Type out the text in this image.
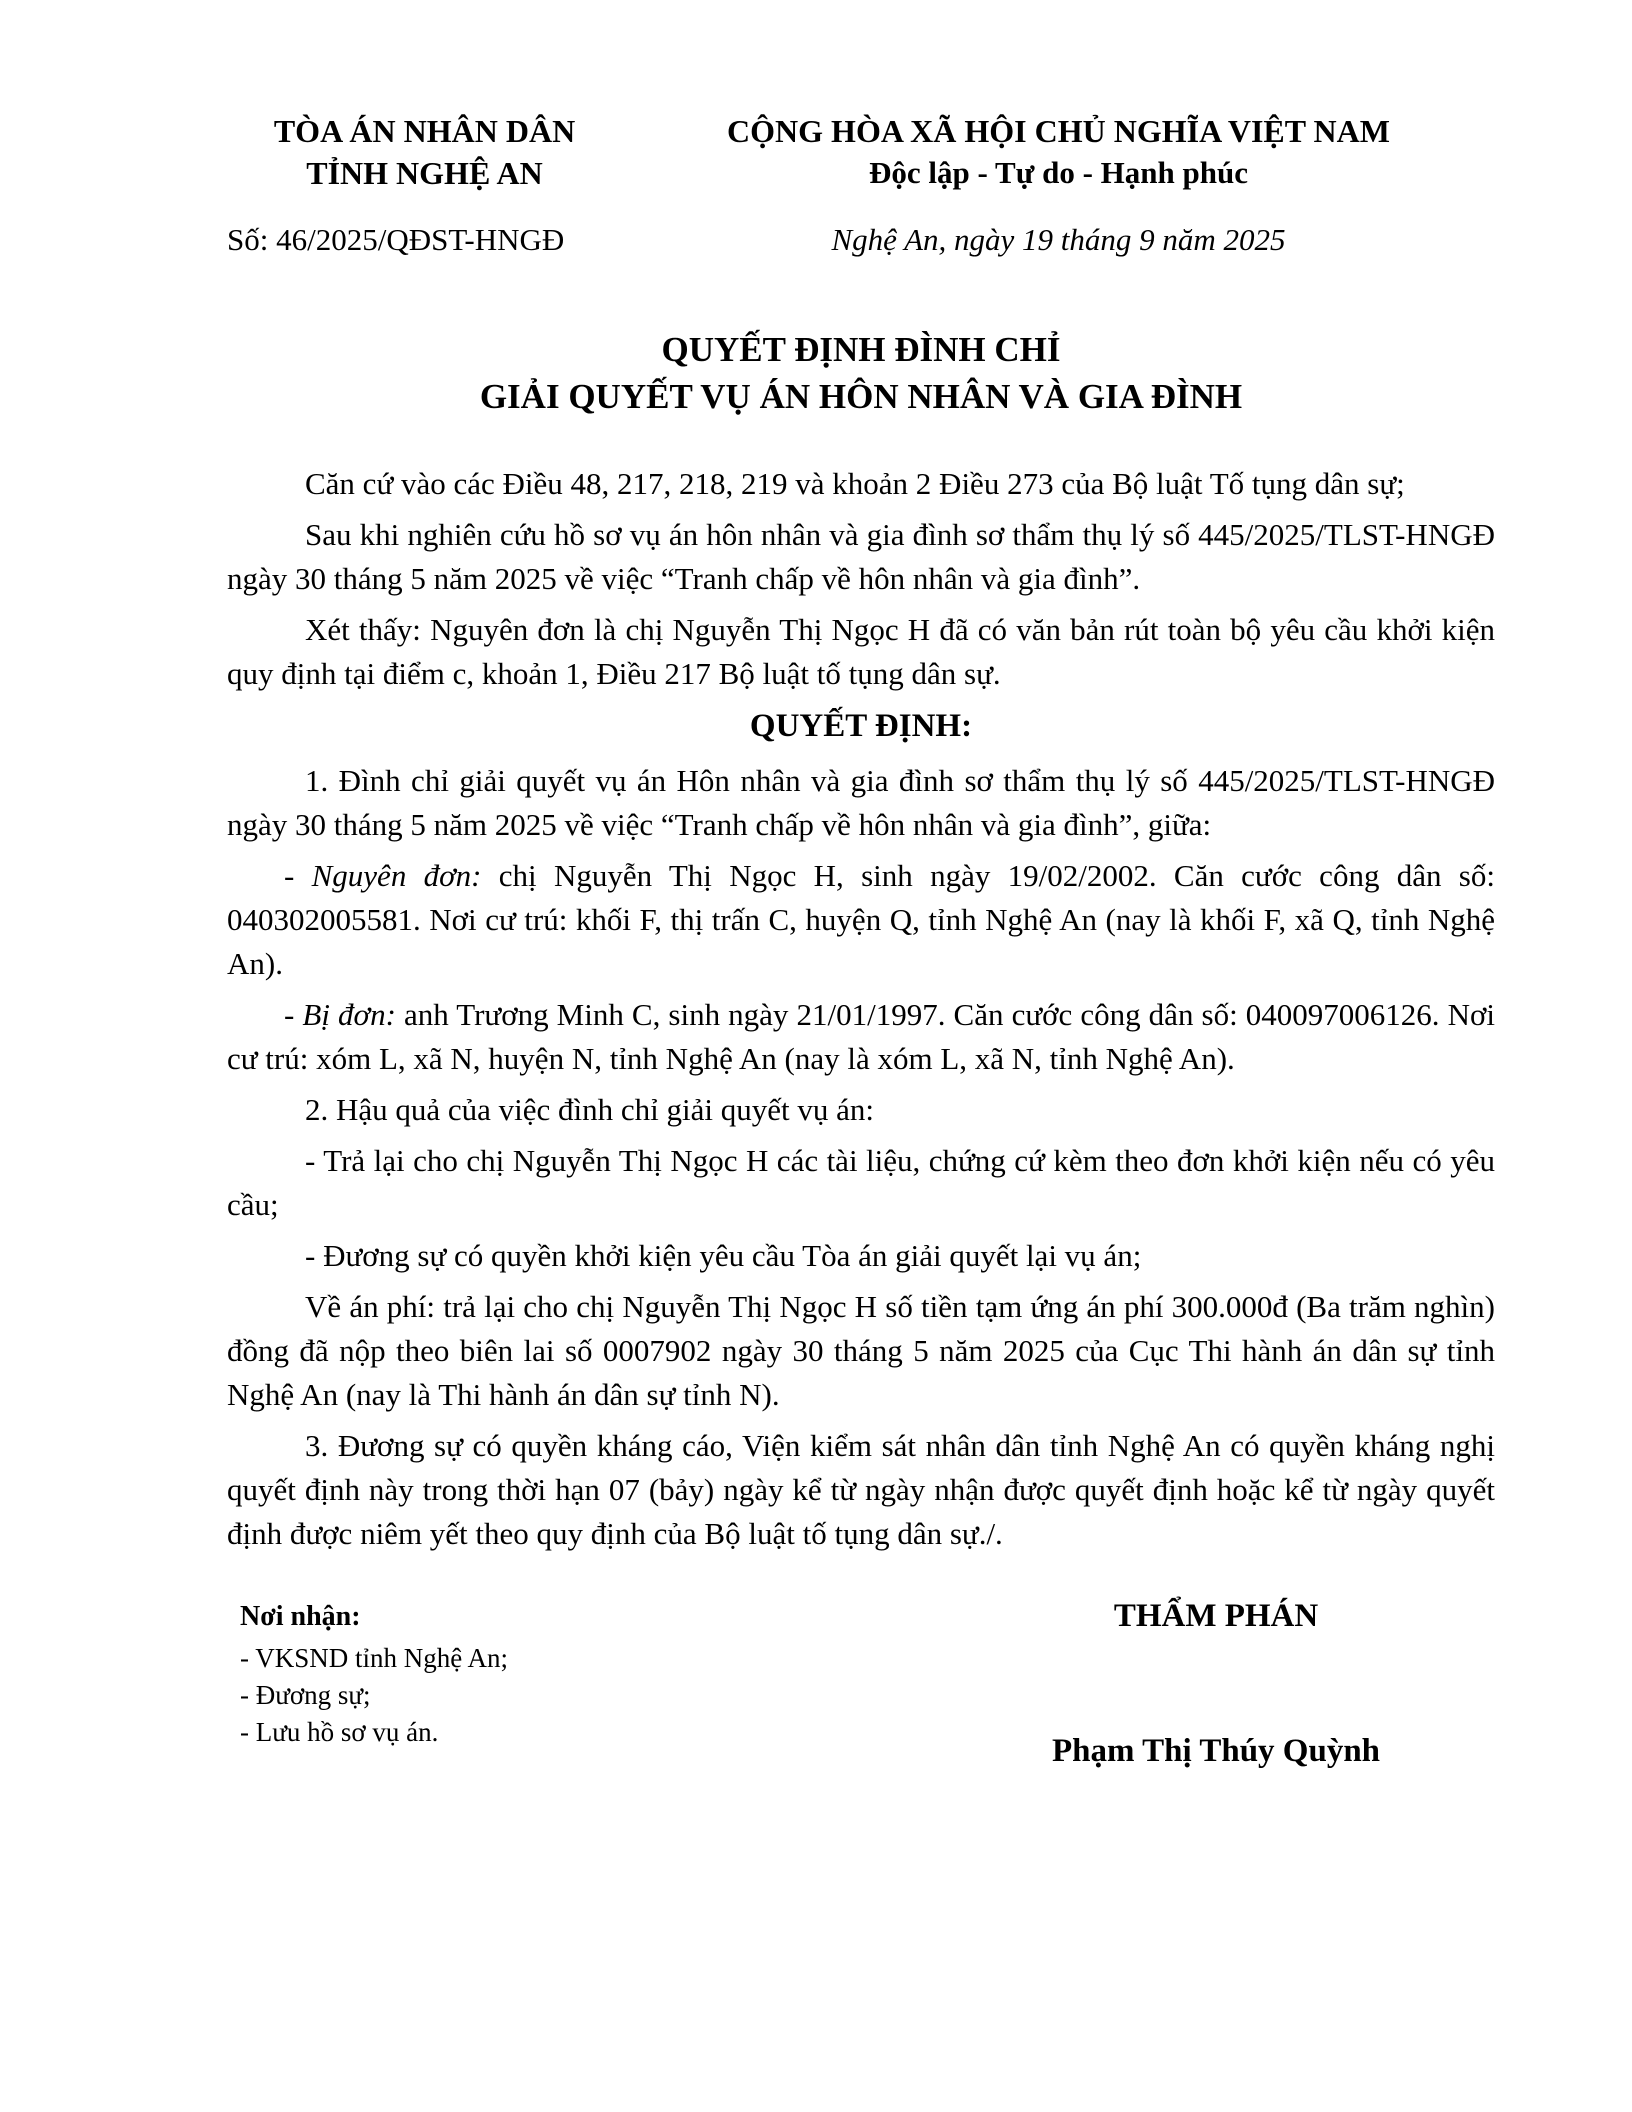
TÒA ÁN NHÂN DÂN
TỈNH NGHỆ AN
Số: 46/2025/QĐST-HNGĐ
CỘNG HÒA XÃ HỘI CHỦ NGHĨA VIỆT NAM
Độc lập - Tự do - Hạnh phúc
Nghệ An, ngày 19 tháng 9 năm 2025
QUYẾT ĐỊNH ĐÌNH CHỈ
GIẢI QUYẾT VỤ ÁN HÔN NHÂN VÀ GIA ĐÌNH

Căn cứ vào các Điều 48, 217, 218, 219 và khoản 2 Điều 273 của Bộ luật Tố tụng dân sự;

Sau khi nghiên cứu hồ sơ vụ án hôn nhân và gia đình sơ thẩm thụ lý số 445/2025/TLST-HNGĐ ngày 30 tháng 5 năm 2025 về việc “Tranh chấp về hôn nhân và gia đình”.

Xét thấy: Nguyên đơn là chị Nguyễn Thị Ngọc H đã có văn bản rút toàn bộ yêu cầu khởi kiện quy định tại điểm c, khoản 1, Điều 217 Bộ luật tố tụng dân sự.

QUYẾT ĐỊNH:

1. Đình chỉ giải quyết vụ án Hôn nhân và gia đình sơ thẩm thụ lý số 445/2025/TLST-HNGĐ ngày 30 tháng 5 năm 2025 về việc “Tranh chấp về hôn nhân và gia đình”, giữa:

- Nguyên đơn: chị Nguyễn Thị Ngọc H, sinh ngày 19/02/2002. Căn cước công dân số: 040302005581. Nơi cư trú: khối F, thị trấn C, huyện Q, tỉnh Nghệ An (nay là khối F, xã Q, tỉnh Nghệ An).

- Bị đơn: anh Trương Minh C, sinh ngày 21/01/1997. Căn cước công dân số: 040097006126. Nơi cư trú: xóm L, xã N, huyện N, tỉnh Nghệ An (nay là xóm L, xã N, tỉnh Nghệ An).

2. Hậu quả của việc đình chỉ giải quyết vụ án:

- Trả lại cho chị Nguyễn Thị Ngọc H các tài liệu, chứng cứ kèm theo đơn khởi kiện nếu có yêu cầu;

- Đương sự có quyền khởi kiện yêu cầu Tòa án giải quyết lại vụ án;

Về án phí: trả lại cho chị Nguyễn Thị Ngọc H số tiền tạm ứng án phí 300.000đ (Ba trăm nghìn) đồng đã nộp theo biên lai số 0007902 ngày 30 tháng 5 năm 2025 của Cục Thi hành án dân sự tỉnh Nghệ An (nay là Thi hành án dân sự tỉnh N).

3. Đương sự có quyền kháng cáo, Viện kiểm sát nhân dân tỉnh Nghệ An có quyền kháng nghị quyết định này trong thời hạn 07 (bảy) ngày kể từ ngày nhận được quyết định hoặc kể từ ngày quyết định được niêm yết theo quy định của Bộ luật tố tụng dân sự./.

Nơi nhận:
- VKSND tỉnh Nghệ An;
- Đương sự;
- Lưu hồ sơ vụ án.
THẨM PHÁN
Phạm Thị Thúy Quỳnh
